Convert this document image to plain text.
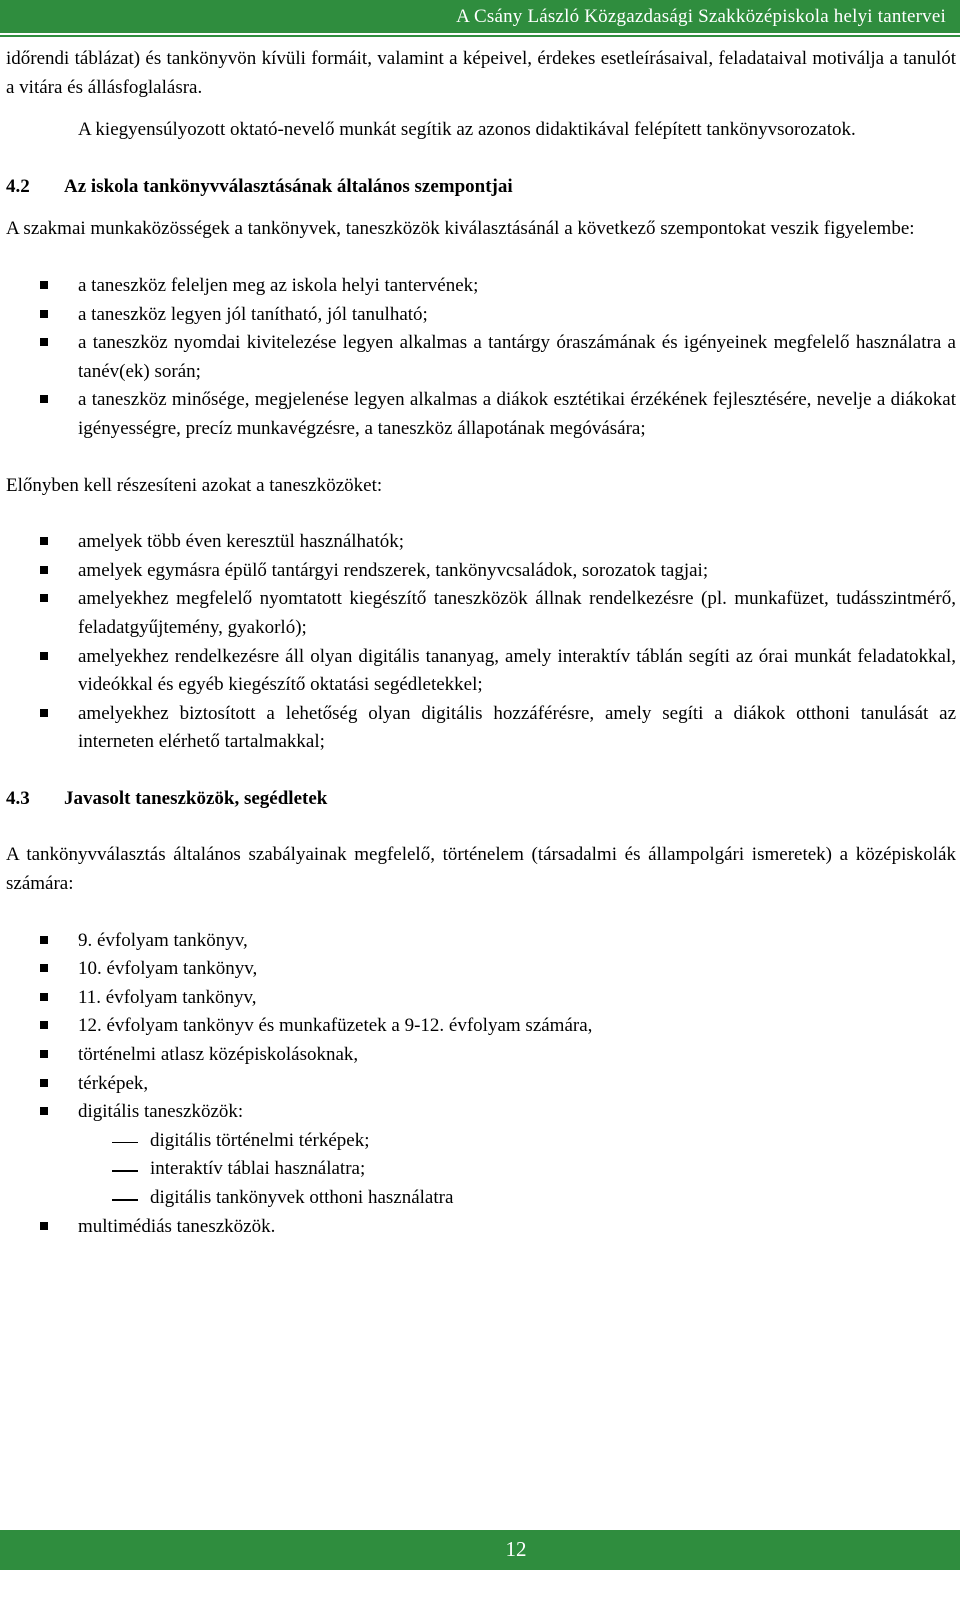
A Csány László Közgazdasági Szakközépiskola helyi tantervei

időrendi táblázat) és tankönyvön kívüli formáit, valamint a képeivel, érdekes esetleírásaival, feladataival motiválja a tanulót a vitára és állásfoglalásra.

A kiegyensúlyozott oktató-nevelő munkát segítik az azonos didaktikával felépített tankönyvsorozatok.

4.2 Az iskola tankönyvválasztásának általános szempontjai

A szakmai munkaközösségek a tankönyvek, taneszközök kiválasztásánál a következő szempontokat veszik figyelembe:

a taneszköz feleljen meg az iskola helyi tantervének;
a taneszköz legyen jól tanítható, jól tanulható;
a taneszköz nyomdai kivitelezése legyen alkalmas a tantárgy óraszámának és igényeinek megfelelő használatra a tanév(ek) során;
a taneszköz minősége, megjelenése legyen alkalmas a diákok esztétikai érzékének fejlesztésére, nevelje a diákokat igényességre, precíz munkavégzésre, a taneszköz állapotának megóvására;

Előnyben kell részesíteni azokat a taneszközöket:

amelyek több éven keresztül használhatók;
amelyek egymásra épülő tantárgyi rendszerek, tankönyvcsaládok, sorozatok tagjai;
amelyekhez megfelelő nyomtatott kiegészítő taneszközök állnak rendelkezésre (pl. munkafüzet, tudásszintmérő, feladatgyűjtemény, gyakorló);
amelyekhez rendelkezésre áll olyan digitális tananyag, amely interaktív táblán segíti az órai munkát feladatokkal, videókkal és egyéb kiegészítő oktatási segédletekkel;
amelyekhez biztosított a lehetőség olyan digitális hozzáférésre, amely segíti a diákok otthoni tanulását az interneten elérhető tartalmakkal;
4.3 Javasolt taneszközök, segédletek

A tankönyvválasztás általános szabályainak megfelelő, történelem (társadalmi és állampolgári ismeretek) a középiskolák számára:

9. évfolyam tankönyv,
10. évfolyam tankönyv,
11. évfolyam tankönyv,
12. évfolyam tankönyv és munkafüzetek a 9-12. évfolyam számára,
történelmi atlasz középiskolásoknak,
térképek,
digitális taneszközök:
digitális történelmi térképek;
interaktív táblai használatra;
digitális tankönyvek otthoni használatra
multimédiás taneszközök.
12
